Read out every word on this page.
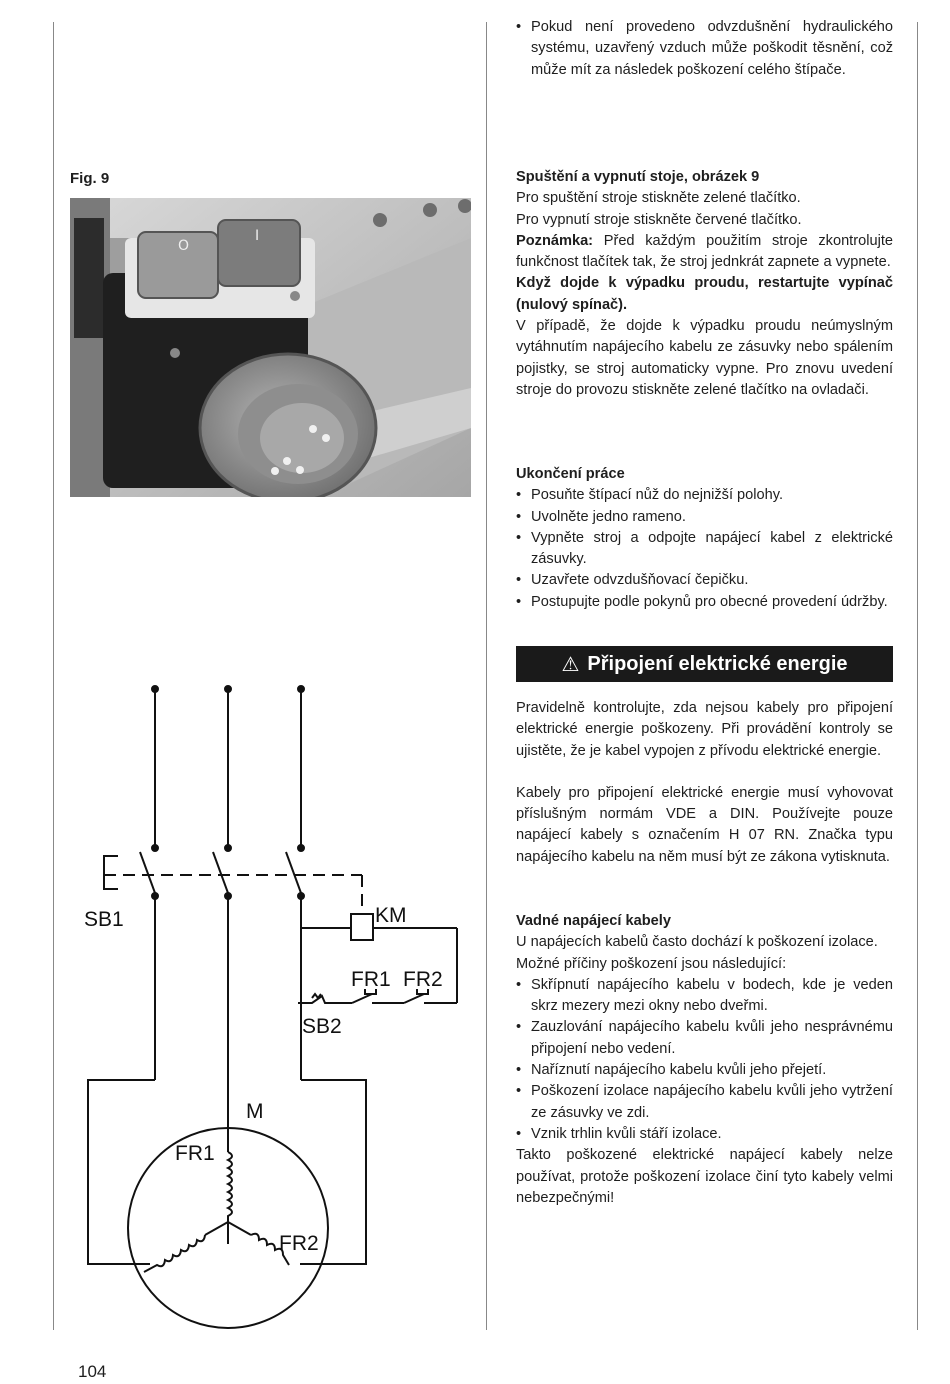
• Pokud není provedeno odvzdušnění hydraulického systému, uzavřený vzduch může poškodit těsnění, což může mít za následek poškození celého štípače.
Fig. 9
O
I

Spuštění a vypnutí stoje, obrázek 9

Pro spuštění stroje stiskněte zelené tlačítko.

Pro vypnutí stroje stiskněte červené tlačítko.

Poznámka: Před každým použitím stroje zkontrolujte funkčnost tlačítek tak, že stroj jednkrát zapnete a vypnete.

Když dojde k výpadku proudu, restartujte vypínač (nulový spínač).

V případě, že dojde k výpadku proudu neúmyslným vytáhnutím napájecího kabelu ze zásuvky nebo spálením pojistky, se stroj automaticky vypne. Pro znovu uvedení stroje do provozu stiskněte zelené tlačítko na ovladači.

Ukončení práce

• Posuňte štípací nůž do nejnižší polohy.
• Uvolněte jedno rameno.
• Vypněte stroj a odpojte napájecí kabel z elektrické zásuvky.
• Uzavřete odvzdušňovací čepičku.
• Postupujte podle pokynů pro obecné provedení údržby.
⚠ Připojení elektrické energie

Pravidelně kontrolujte, zda nejsou kabely pro připojení elektrické energie poškozeny. Při provádění kontroly se ujistěte, že je kabel vypojen z přívodu elektrické energie.

Kabely pro připojení elektrické energie musí vyhovovat příslušným normám VDE a DIN. Používejte pouze napájecí kabely s označením H 07 RN. Značka typu napájecího kabelu na něm musí být ze zákona vytisknuta.

Vadné napájecí kabely

U napájecích kabelů často dochází k poškození izolace.

Možné příčiny poškození jsou následující:

• Skřípnutí napájecího kabelu v bodech, kde je veden skrz mezery mezi okny nebo dveřmi.
• Zauzlování napájecího kabelu kvůli jeho nesprávnému připojení nebo vedení.
• Naříznutí napájecího kabelu kvůli jeho přejetí.
• Poškození izolace napájecího kabelu kvůli jeho vytržení ze zásuvky ve zdi.
• Vznik trhlin kvůli stáří izolace.

Takto poškozené elektrické napájecí kabely nelze používat, protože poškození izolace činí tyto kabely velmi nebezpečnými!

SB1	KM
FR1 FR2
SB2
M
FR1
FR2
104
